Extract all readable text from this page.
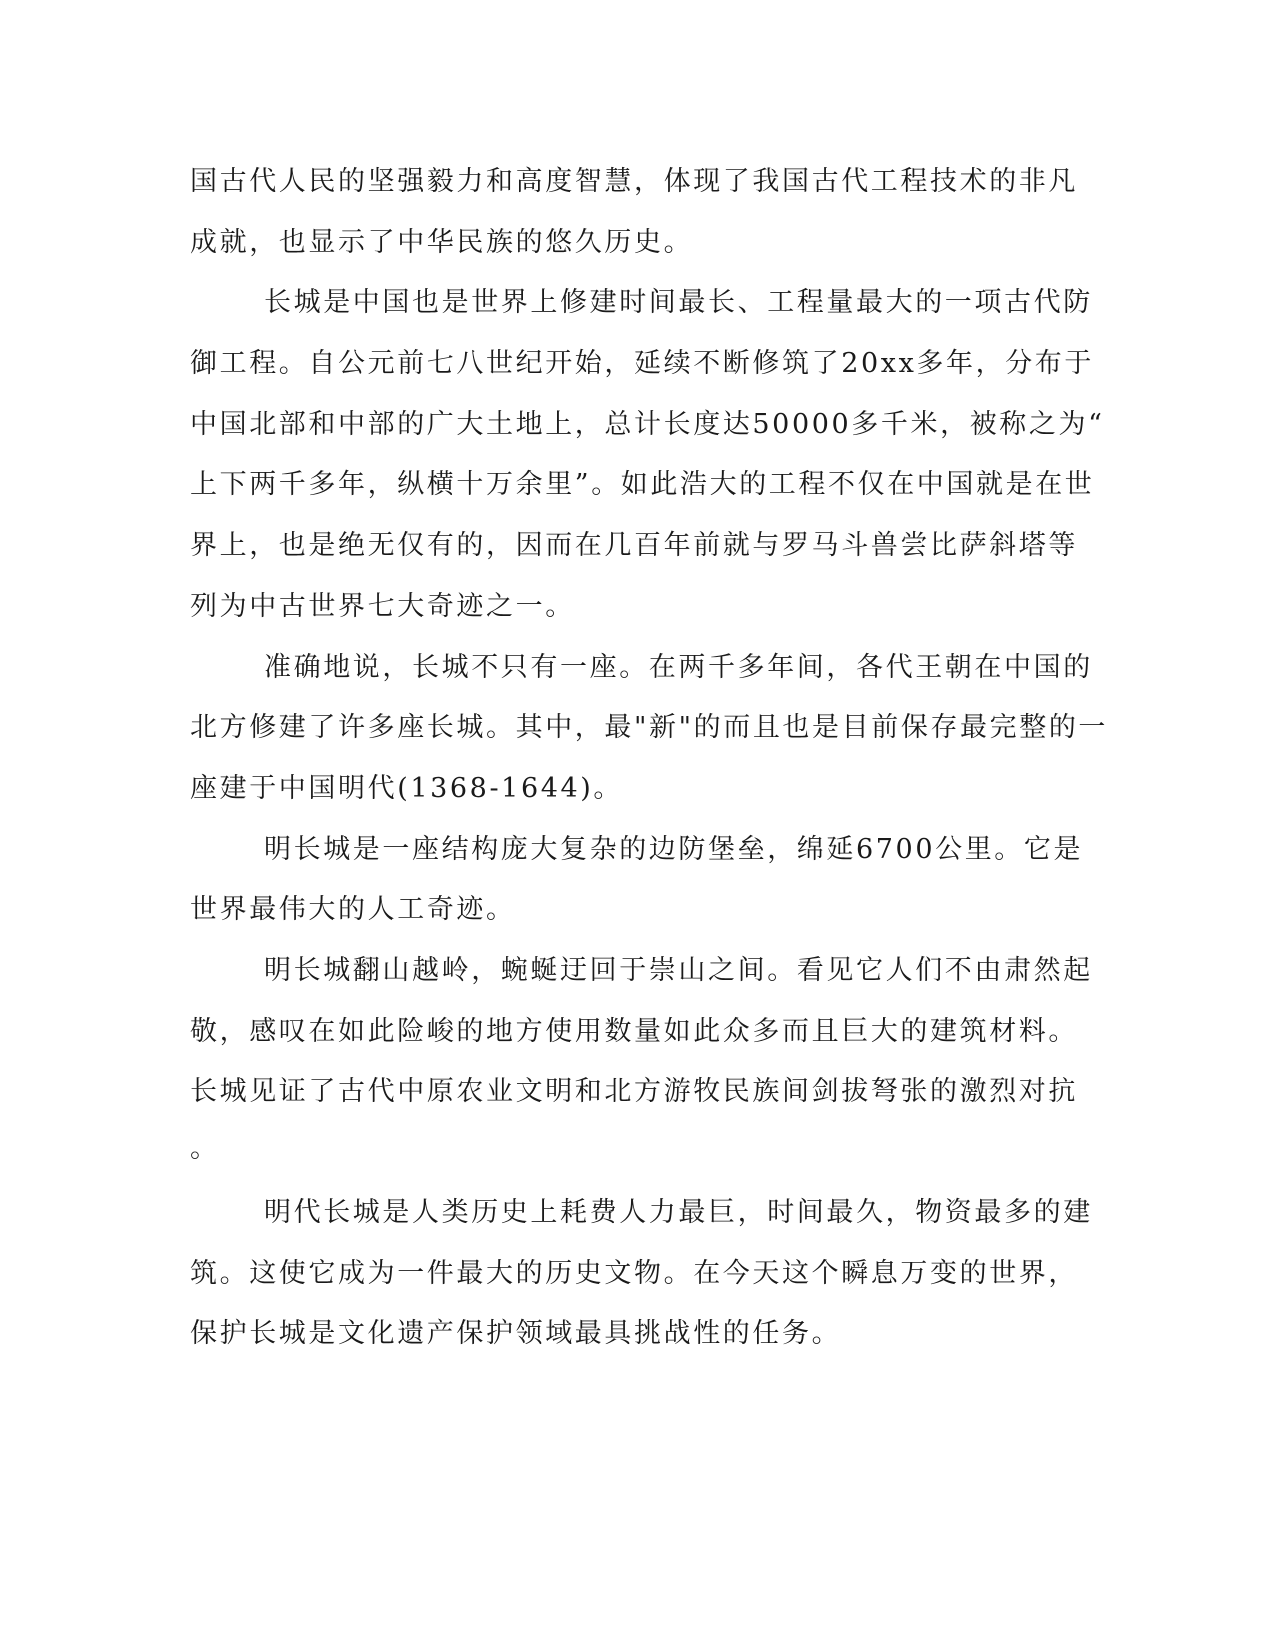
国古代人民的坚强毅力和高度智慧，体现了我国古代工程技术的非凡
成就，也显示了中华民族的悠久历史。
长城是中国也是世界上修建时间最长、工程量最大的一项古代防
御工程。自公元前七八世纪开始，延续不断修筑了20xx多年，分布于
中国北部和中部的广大土地上，总计长度达50000多千米，被称之为“
上下两千多年，纵横十万余里”。如此浩大的工程不仅在中国就是在世
界上，也是绝无仅有的，因而在几百年前就与罗马斗兽尝比萨斜塔等
列为中古世界七大奇迹之一。
准确地说，长城不只有一座。在两千多年间，各代王朝在中国的
北方修建了许多座长城。其中，最"新"的而且也是目前保存最完整的一
座建于中国明代(1368-1644)。
明长城是一座结构庞大复杂的边防堡垒，绵延6700公里。它是
世界最伟大的人工奇迹。
明长城翻山越岭，蜿蜒迂回于崇山之间。看见它人们不由肃然起
敬，感叹在如此险峻的地方使用数量如此众多而且巨大的建筑材料。
长城见证了古代中原农业文明和北方游牧民族间剑拔弩张的激烈对抗
。
明代长城是人类历史上耗费人力最巨，时间最久，物资最多的建
筑。这使它成为一件最大的历史文物。在今天这个瞬息万变的世界，
保护长城是文化遗产保护领域最具挑战性的任务。
